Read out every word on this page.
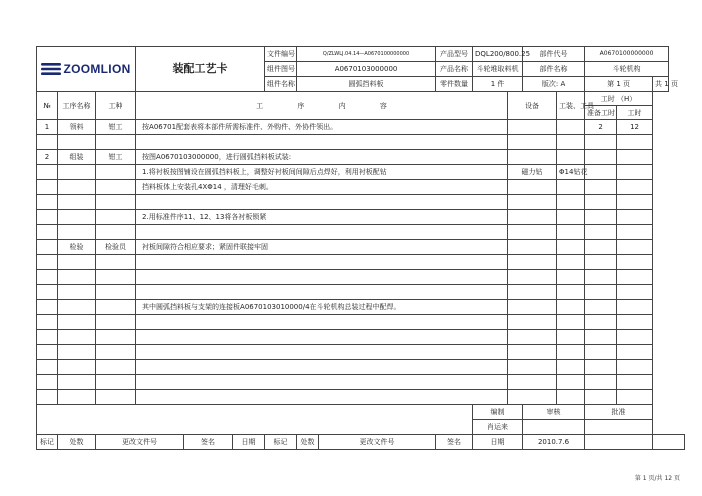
ZOOMLION			装配工艺卡			文件编号	Q/ZLWLJ.04.14—A0670100000000		产品型号	DQL200/800.25		部件代号		A0670100000000		
						组件图号	A0670103000000		产品名称	斗轮堆取料机		部件名称		斗轮机构		
						组件名称	圆弧挡料板		零件数量	1 件		版次: A		第 1 页		共 1 页
№	工序名称	工种	工 序 内 容								设备		工装、工具	工时 （H）		
														准备工时	工时	
1	领料	钳工	按A06701配套表将本部件所需标准件、外购件、外协件领出。											2	12	

2	组装	钳工	按图A0670103000000，进行圆弧挡料板试装:													
			1.将衬板按图铺设在圆弧挡料板上，调整好衬板间间隙后点焊好，利用衬板配钻								磁力钻		Φ14钻花			
			挡料板体上安装孔4XΦ14 ，清理好毛刺。													

			2.用标准件序11、12、13将各衬板锁紧													

	检验	检验员	衬板间隙符合相应要求；紧固件联接牢固													

			其中圆弧挡料板与支架的连接板A0670103010000/4在斗轮机构总装过程中配焊。													

										编制		审核		批准		
										肖运来						
标记	处数	更改文件号		签名	日期	标记	处数	更改文件号	签名	日期		2010.7.6				
第 1 页/共 12 页
